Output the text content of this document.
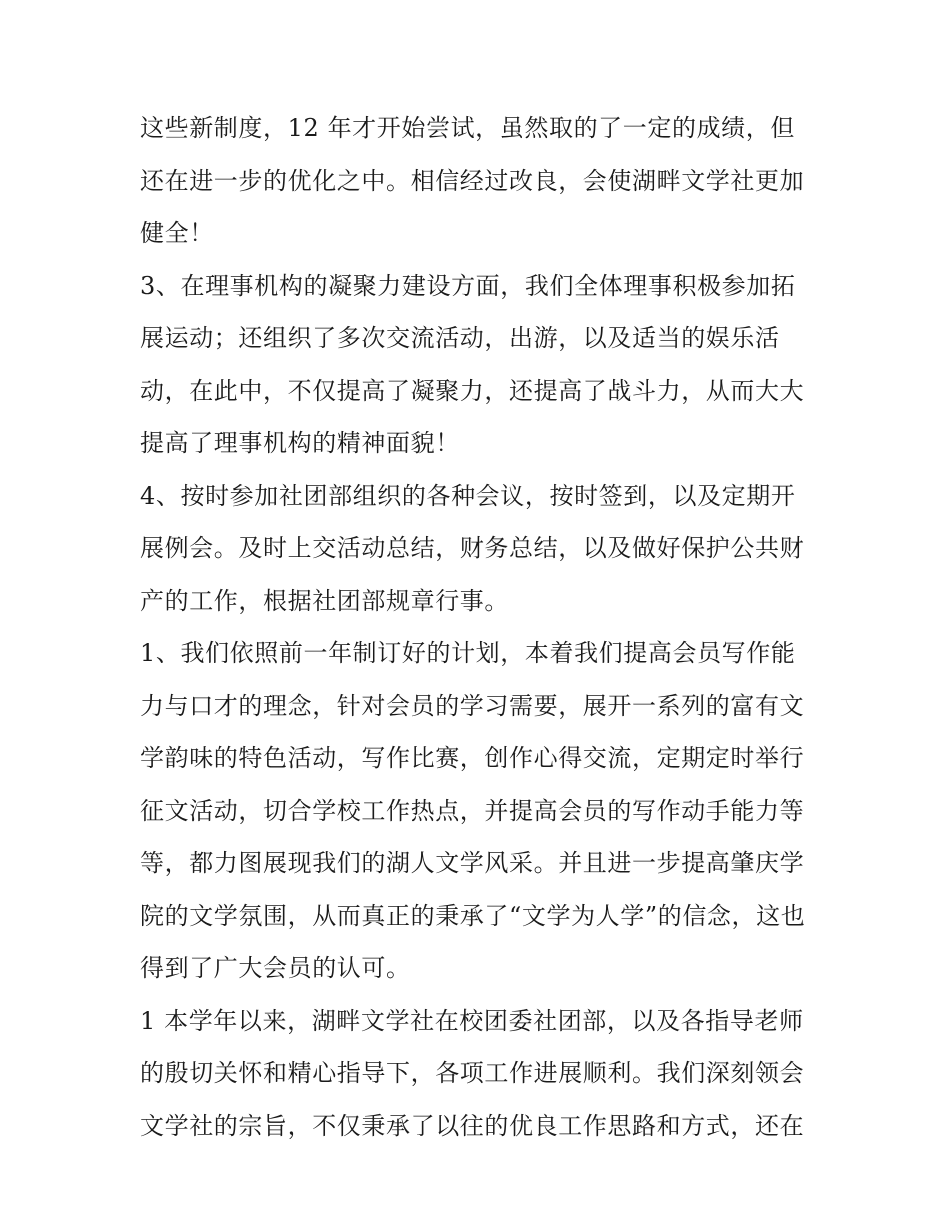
这些新制度，12 年才开始尝试，虽然取的了一定的成绩，但
还在进一步的优化之中。相信经过改良，会使湖畔文学社更加
健全！
3、在理事机构的凝聚力建设方面，我们全体理事积极参加拓
展运动；还组织了多次交流活动，出游，以及适当的娱乐活
动，在此中，不仅提高了凝聚力，还提高了战斗力，从而大大
提高了理事机构的精神面貌！
4、按时参加社团部组织的各种会议，按时签到，以及定期开
展例会。及时上交活动总结，财务总结，以及做好保护公共财
产的工作，根据社团部规章行事。
1、我们依照前一年制订好的计划，本着我们提高会员写作能
力与口才的理念，针对会员的学习需要，展开一系列的富有文
学韵味的特色活动，写作比赛，创作心得交流，定期定时举行
征文活动，切合学校工作热点，并提高会员的写作动手能力等
等，都力图展现我们的湖人文学风采。并且进一步提高肇庆学
院的文学氛围，从而真正的秉承了“文学为人学”的信念，这也
得到了广大会员的认可。
1 本学年以来，湖畔文学社在校团委社团部，以及各指导老师
的殷切关怀和精心指导下，各项工作进展顺利。我们深刻领会
文学社的宗旨，不仅秉承了以往的优良工作思路和方式，还在
